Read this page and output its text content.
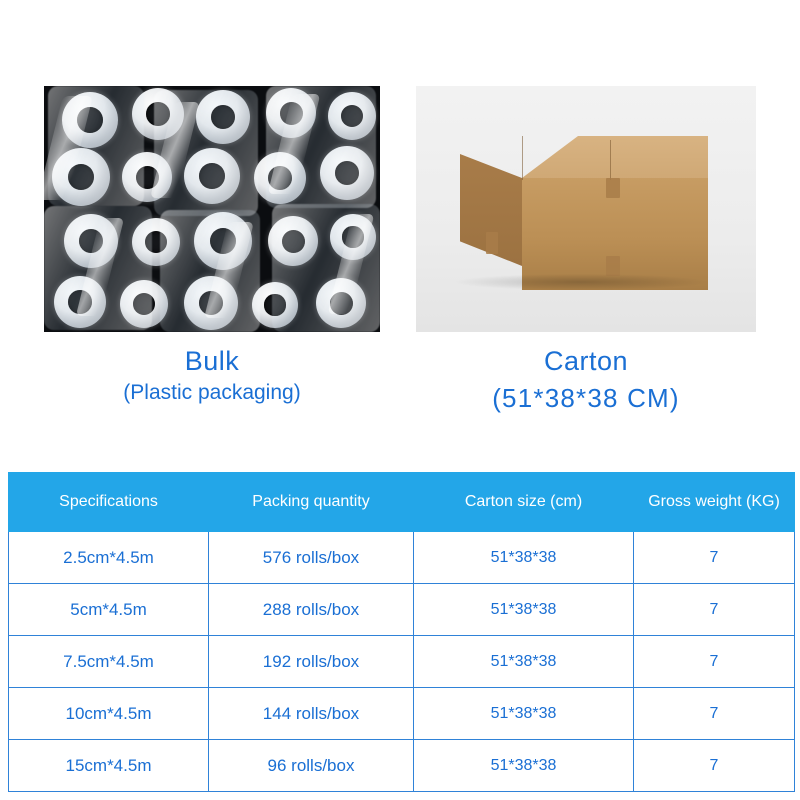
Bulk
(Plastic packaging)
Carton
(51*38*38 CM)
Specifications	Packing quantity	Carton size (cm)	Gross weight (KG)
2.5cm*4.5m	576 rolls/box	51*38*38	7
5cm*4.5m	288 rolls/box	51*38*38	7
7.5cm*4.5m	192 rolls/box	51*38*38	7
10cm*4.5m	144 rolls/box	51*38*38	7
15cm*4.5m	96 rolls/box	51*38*38	7
